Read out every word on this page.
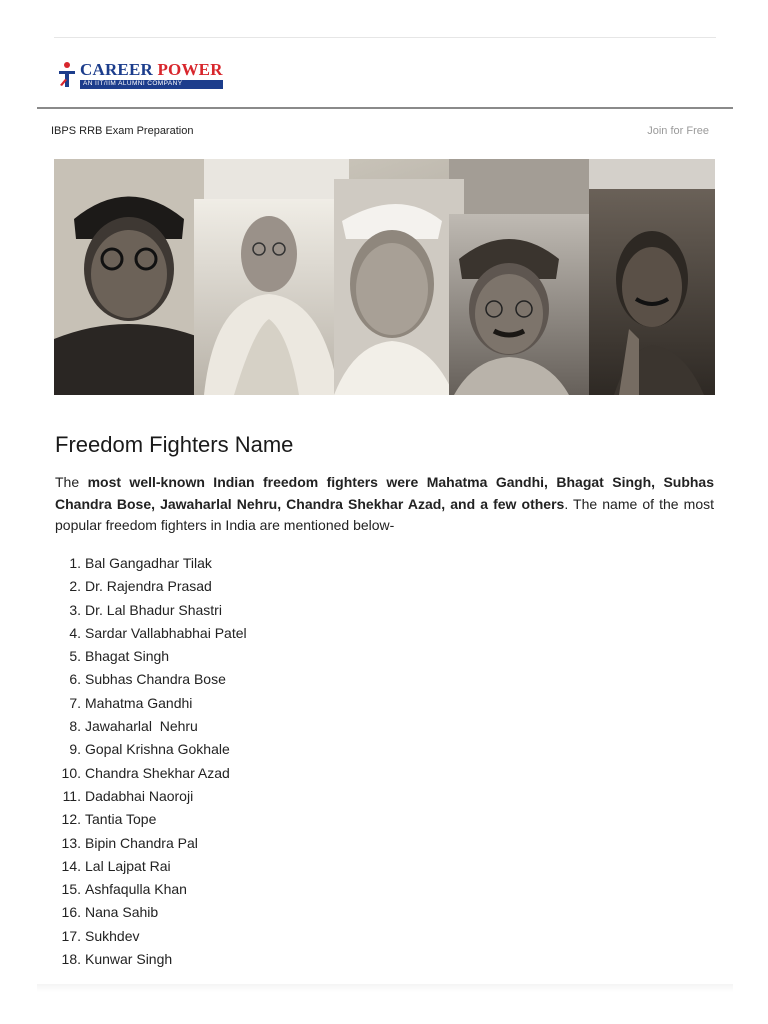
CAREER POWER
AN IIT/IIM ALUMNI COMPANY
IBPS RRB Exam Preparation	Join for Free
Freedom Fighters Name

The most well-known Indian freedom fighters were Mahatma Gandhi, Bhagat Singh, Subhas Chandra Bose, Jawaharlal Nehru, Chandra Shekhar Azad, and a few others. The name of the most popular freedom fighters in India are mentioned below-

1. Bal Gangadhar Tilak
2. Dr. Rajendra Prasad
3. Dr. Lal Bhadur Shastri
4. Sardar Vallabhabhai Patel
5. Bhagat Singh
6. Subhas Chandra Bose
7. Mahatma Gandhi
8. Jawaharlal  Nehru
9. Gopal Krishna Gokhale
10. Chandra Shekhar Azad
11. Dadabhai Naoroji
12. Tantia Tope
13. Bipin Chandra Pal
14. Lal Lajpat Rai
15. Ashfaqulla Khan
16. Nana Sahib
17. Sukhdev
18. Kunwar Singh
